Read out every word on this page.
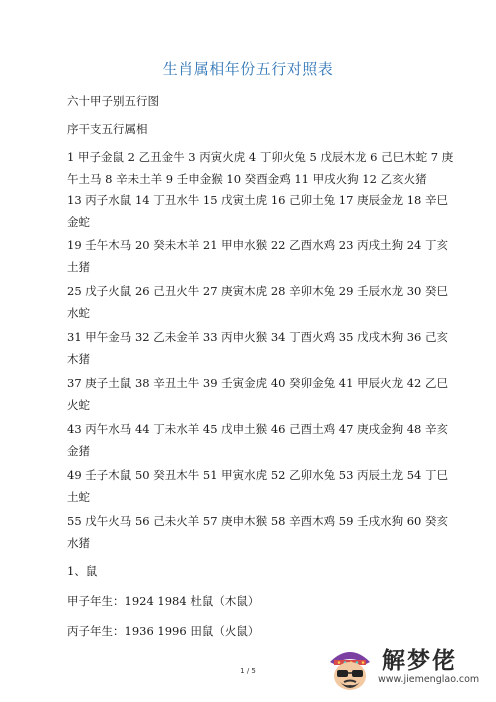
生肖属相年份五行对照表
六十甲子别五行图
序干支五行属相
1 甲子金鼠 2 乙丑金牛 3 丙寅火虎 4 丁卯火兔 5 戊辰木龙 6 己巳木蛇 7 庚午土马 8 辛未土羊 9 壬申金猴 10 癸酉金鸡 11 甲戌火狗 12 乙亥火猪
13 丙子水鼠 14 丁丑水牛 15 戊寅土虎 16 己卯土兔 17 庚辰金龙 18 辛巳金蛇
19 壬午木马 20 癸未木羊 21 甲申水猴 22 乙酉水鸡 23 丙戌土狗 24 丁亥土猪
25 戊子火鼠 26 己丑火牛 27 庚寅木虎 28 辛卯木兔 29 壬辰水龙 30 癸巳水蛇
31 甲午金马 32 乙未金羊 33 丙申火猴 34 丁酉火鸡 35 戊戌木狗 36 己亥木猪
37 庚子土鼠 38 辛丑土牛 39 壬寅金虎 40 癸卯金兔 41 甲辰火龙 42 乙巳火蛇
43 丙午水马 44 丁未水羊 45 戊申土猴 46 己酉土鸡 47 庚戌金狗 48 辛亥金猪
49 壬子木鼠 50 癸丑木牛 51 甲寅水虎 52 乙卯水兔 53 丙辰土龙 54 丁巳土蛇
55 戊午火马 56 己未火羊 57 庚申木猴 58 辛酉木鸡 59 壬戌水狗 60 癸亥水猪
1、鼠
甲子年生：1924 1984 杜鼠（木鼠）
丙子年生：1936 1996 田鼠（火鼠）
1 / 5	解梦佬
www.jiemenglao.com
